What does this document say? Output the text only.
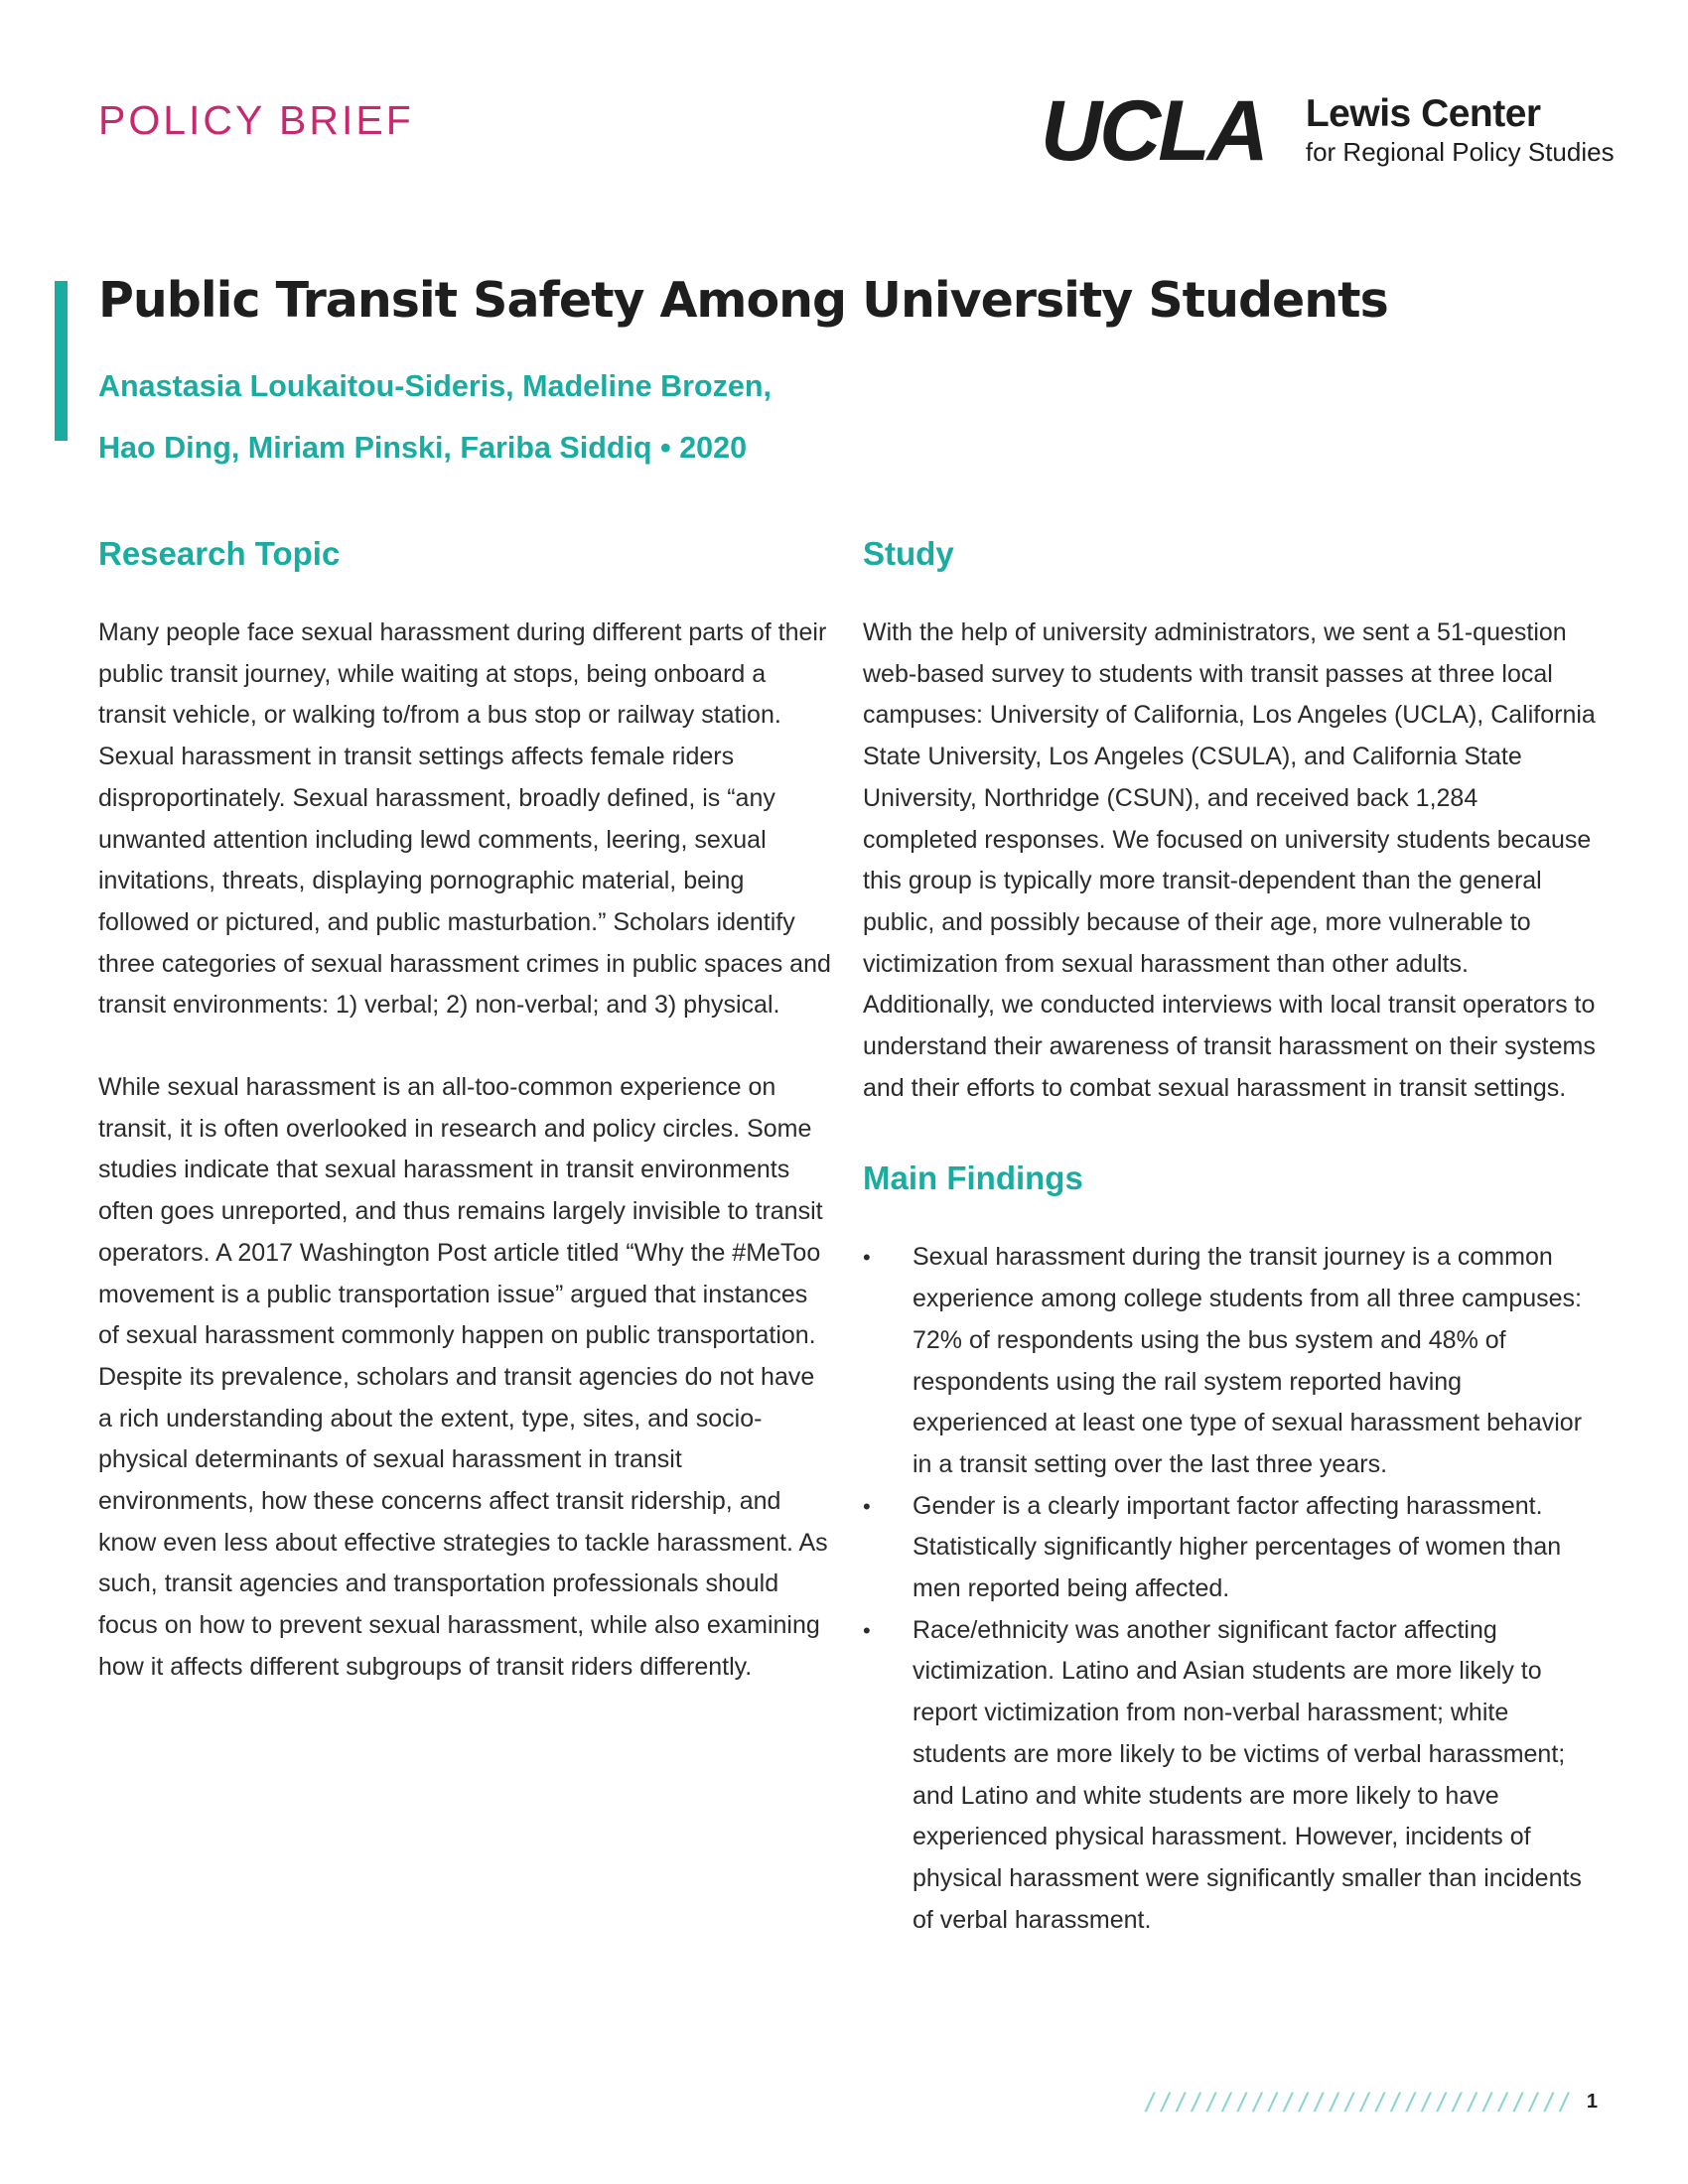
POLICY BRIEF	UCLA Lewis Center
for Regional Policy Studies
Public Transit Safety Among University Students
Anastasia Loukaitou-Sideris, Madeline Brozen,
Hao Ding, Miriam Pinski, Fariba Siddiq • 2020
Research Topic

Many people face sexual harassment during different parts of their public transit journey, while waiting at stops, being onboard a transit vehicle, or walking to/from a bus stop or railway station. Sexual harassment in transit settings affects female riders disproportinately. Sexual harassment, broadly defined, is “any unwanted attention including lewd comments, leering, sexual invitations, threats, displaying pornographic material, being followed or pictured, and public masturbation.” Scholars identify three categories of sexual harassment crimes in public spaces and transit environments: 1) verbal; 2) non-verbal; and 3) physical.

While sexual harassment is an all-too-common experience on transit, it is often overlooked in research and policy circles. Some studies indicate that sexual harassment in transit environments often goes unreported, and thus remains largely invisible to transit operators. A 2017 Washington Post article titled “Why the #MeToo movement is a public transportation issue” argued that instances of sexual harassment commonly happen on public transportation. Despite its prevalence, scholars and transit agencies do not have a rich understanding about the extent, type, sites, and socio-physical determinants of sexual harassment in transit environments, how these concerns affect transit ridership, and know even less about effective strategies to tackle harassment. As such, transit agencies and transportation professionals should focus on how to prevent sexual harassment, while also examining how it affects different subgroups of transit riders differently.

Study

With the help of university administrators, we sent a 51-question web-based survey to students with transit passes at three local campuses: University of California, Los Angeles (UCLA), California State University, Los Angeles (CSULA), and California State University, Northridge (CSUN), and received back 1,284 completed responses. We focused on university students because this group is typically more transit-dependent than the general public, and possibly because of their age, more vulnerable to victimization from sexual harassment than other adults. Additionally, we conducted interviews with local transit operators to understand their awareness of transit harassment on their systems and their efforts to combat sexual harassment in transit settings.

Main Findings
• Sexual harassment during the transit journey is a common experience among college students from all three campuses: 72% of respondents using the bus system and 48% of respondents using the rail system reported having experienced at least one type of sexual harassment behavior in a transit setting over the last three years.
• Gender is a clearly important factor affecting harassment. Statistically significantly higher percentages of women than men reported being affected.
• Race/ethnicity was another significant factor affecting victimization. Latino and Asian students are more likely to report victimization from non-verbal harassment; white students are more likely to be victims of verbal harassment; and Latino and white students are more likely to have experienced physical harassment. However, incidents of physical harassment were significantly smaller than incidents of verbal harassment.
//////////////////////////// 1
